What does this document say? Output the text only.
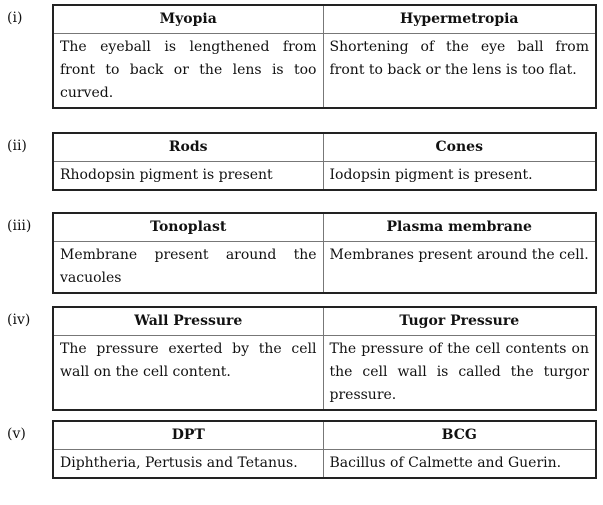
(i)	Myopia	Hypermetropia
The eyeball is lengthened from front to back or the lens is too curved.	Shortening of the eye ball from front to back or the lens is too flat.
(ii)	Rods	Cones
Rhodopsin pigment is present	Iodopsin pigment is present.
(iii)	Tonoplast	Plasma membrane
Membrane present around the vacuoles	Membranes present around the cell.
(iv)	Wall Pressure	Tugor Pressure
The pressure exerted by the cell wall on the cell content.	The pressure of the cell contents on the cell wall is called the turgor pressure.
(v)	DPT	BCG
Diphtheria, Pertusis and Tetanus.	Bacillus of Calmette and Guerin.
